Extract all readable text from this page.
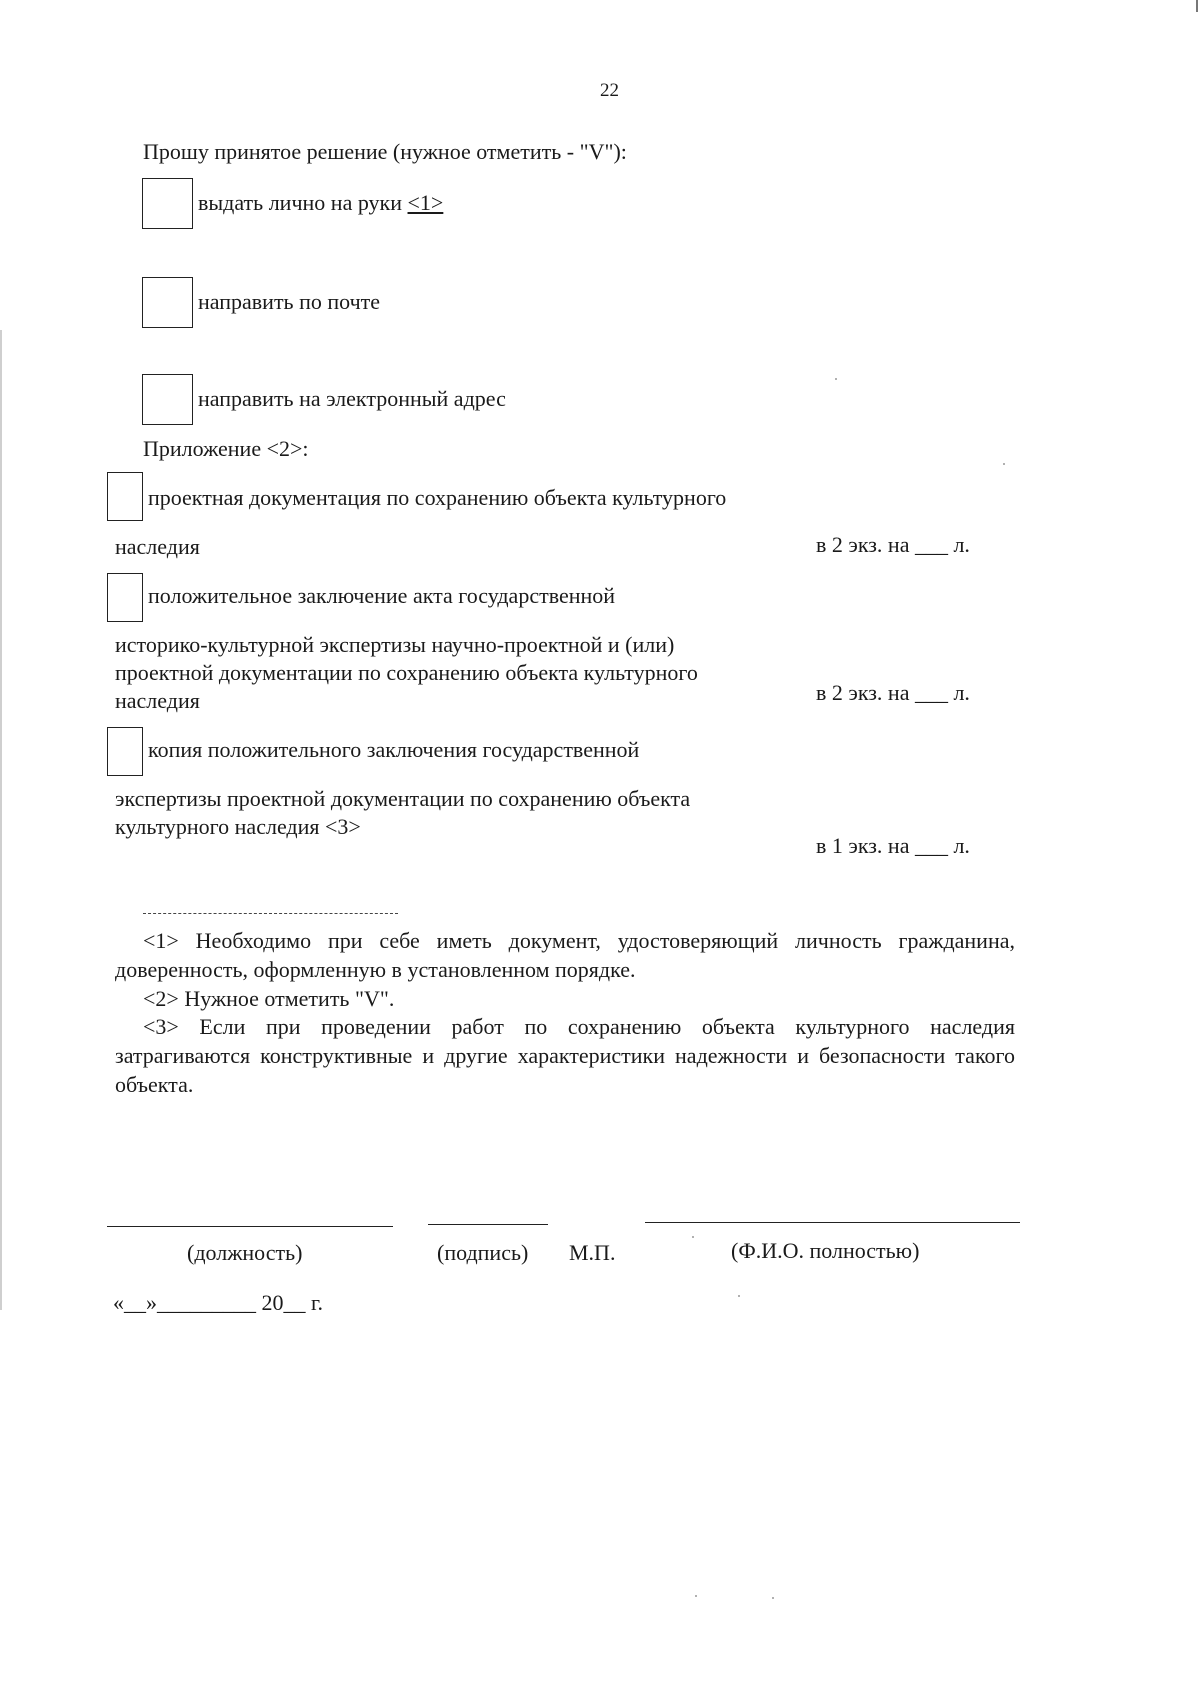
22
Прошу принятое решение (нужное отметить - "V"):
выдать лично на руки <1>
направить по почте
направить на электронный адрес
Приложение <2>:
проектная документация по сохранению объекта культурного
наследия	в 2 экз. на ___ л.
положительное заключение акта государственной
историко-культурной экспертизы научно-проектной и (или)
проектной документации по сохранению объекта культурного
наследия	в 2 экз. на ___ л.
копия положительного заключения государственной
экспертизы проектной документации по сохранению объекта
культурного наследия <3>
в 1 экз. на ___ л.
<1> Необходимо при себе иметь документ, удостоверяющий личность гражданина, доверенность, оформленную в установленном порядке.
<2> Нужное отметить "V".
<3> Если при проведении работ по сохранению объекта культурного наследия затрагиваются конструктивные и другие характеристики надежности и безопасности такого объекта.
(должность)	(подпись) М.П.	(Ф.И.О. полностью)
«__»_________ 20__ г.
